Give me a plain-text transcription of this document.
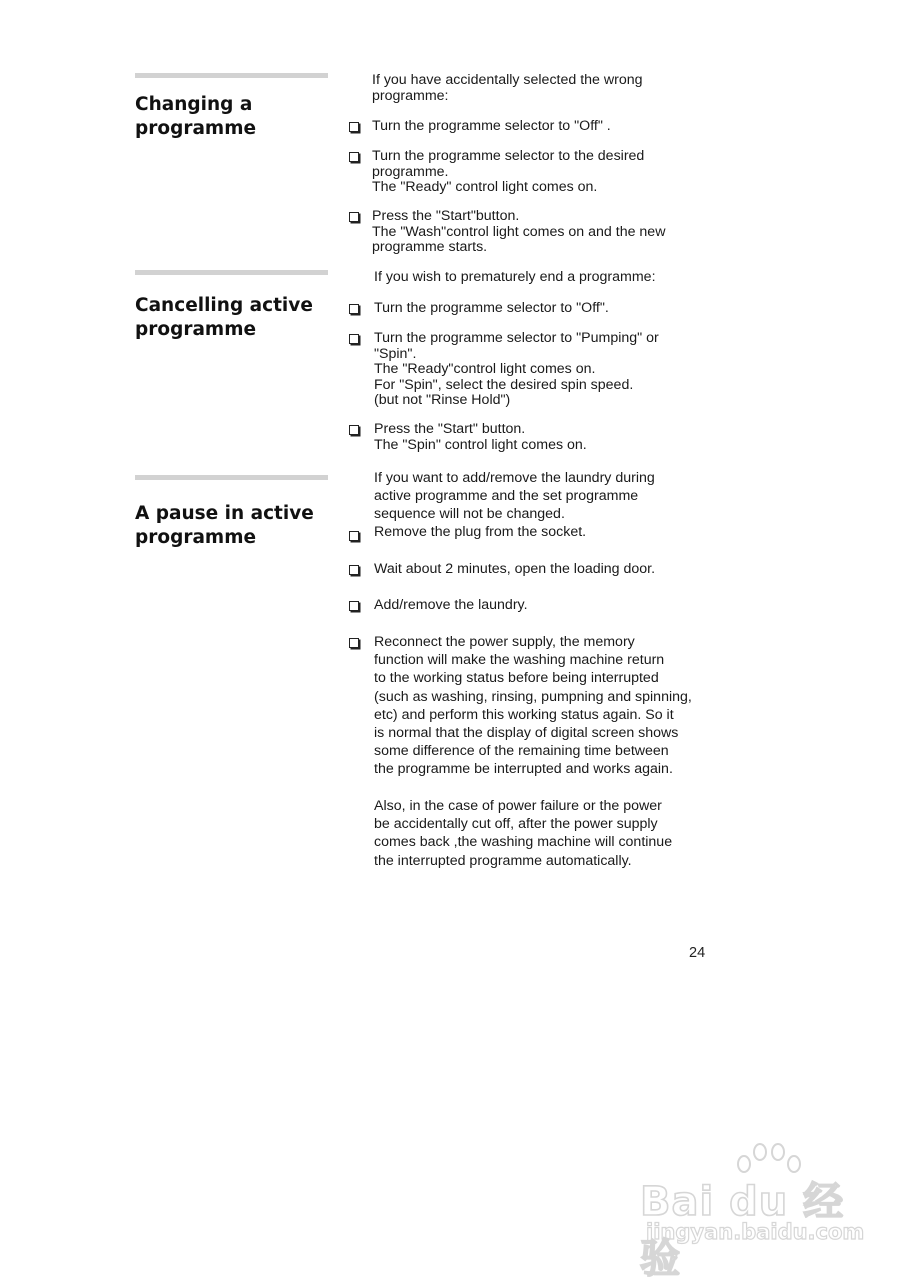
Changing a
programme
If you have accidentally selected the wrong
programme:
Turn the programme selector to "Off" .
Turn the programme selector to the desired
programme.
The "Ready" control light comes on.
Press the "Start"button.
The "Wash"control light comes on and the new
programme starts.
Cancelling active
programme
If you wish to prematurely end a programme:
Turn the programme selector to "Off".
Turn the programme selector to "Pumping" or
"Spin".
The "Ready"control light comes on.
For "Spin", select the desired spin speed.
(but not "Rinse Hold")
Press the "Start" button.
The "Spin" control light comes on.
A pause in active
programme
If you want to add/remove the laundry during
active programme and the set programme
sequence will not be changed.
Remove the plug from the socket.
Wait about 2 minutes, open the loading door.
Add/remove the laundry.
Reconnect the power supply, the memory
function will make the washing machine return
to the working status before being interrupted
(such as washing, rinsing, pumpning and spinning,
etc) and perform this working status again. So it
is normal that the display of digital screen shows
some difference of the remaining time between
the programme be interrupted and works again.
Also, in the case of power failure or the power
be accidentally cut off, after the power supply
comes back ,the washing machine will continue
the interrupted programme automatically.
24
Bai du 经验
jingyan.baidu.com
